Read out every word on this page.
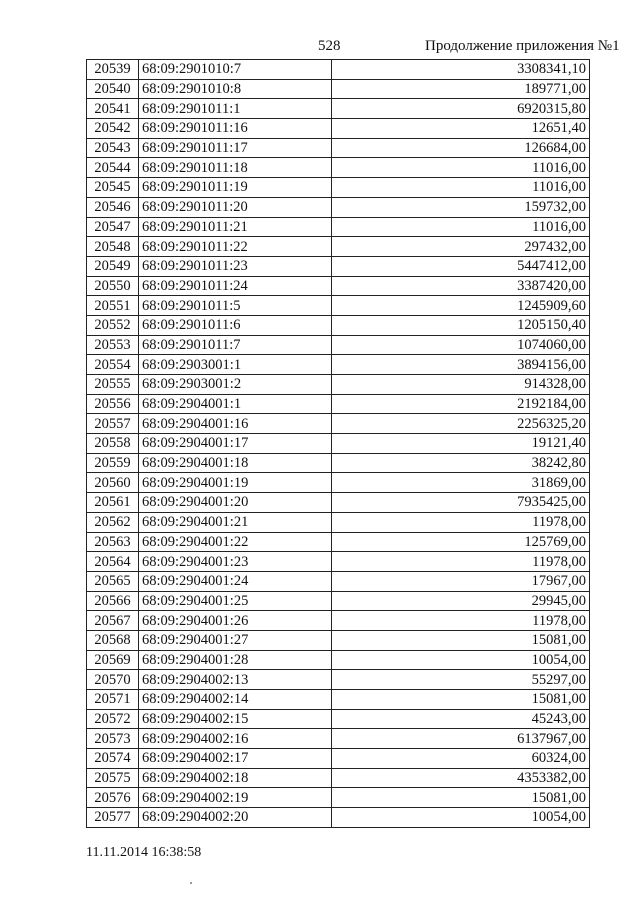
528	Продолжение приложения №1
20539	68:09:2901010:7	3308341,10
20540	68:09:2901010:8	189771,00
20541	68:09:2901011:1	6920315,80
20542	68:09:2901011:16	12651,40
20543	68:09:2901011:17	126684,00
20544	68:09:2901011:18	11016,00
20545	68:09:2901011:19	11016,00
20546	68:09:2901011:20	159732,00
20547	68:09:2901011:21	11016,00
20548	68:09:2901011:22	297432,00
20549	68:09:2901011:23	5447412,00
20550	68:09:2901011:24	3387420,00
20551	68:09:2901011:5	1245909,60
20552	68:09:2901011:6	1205150,40
20553	68:09:2901011:7	1074060,00
20554	68:09:2903001:1	3894156,00
20555	68:09:2903001:2	914328,00
20556	68:09:2904001:1	2192184,00
20557	68:09:2904001:16	2256325,20
20558	68:09:2904001:17	19121,40
20559	68:09:2904001:18	38242,80
20560	68:09:2904001:19	31869,00
20561	68:09:2904001:20	7935425,00
20562	68:09:2904001:21	11978,00
20563	68:09:2904001:22	125769,00
20564	68:09:2904001:23	11978,00
20565	68:09:2904001:24	17967,00
20566	68:09:2904001:25	29945,00
20567	68:09:2904001:26	11978,00
20568	68:09:2904001:27	15081,00
20569	68:09:2904001:28	10054,00
20570	68:09:2904002:13	55297,00
20571	68:09:2904002:14	15081,00
20572	68:09:2904002:15	45243,00
20573	68:09:2904002:16	6137967,00
20574	68:09:2904002:17	60324,00
20575	68:09:2904002:18	4353382,00
20576	68:09:2904002:19	15081,00
20577	68:09:2904002:20	10054,00
11.11.2014 16:38:58
